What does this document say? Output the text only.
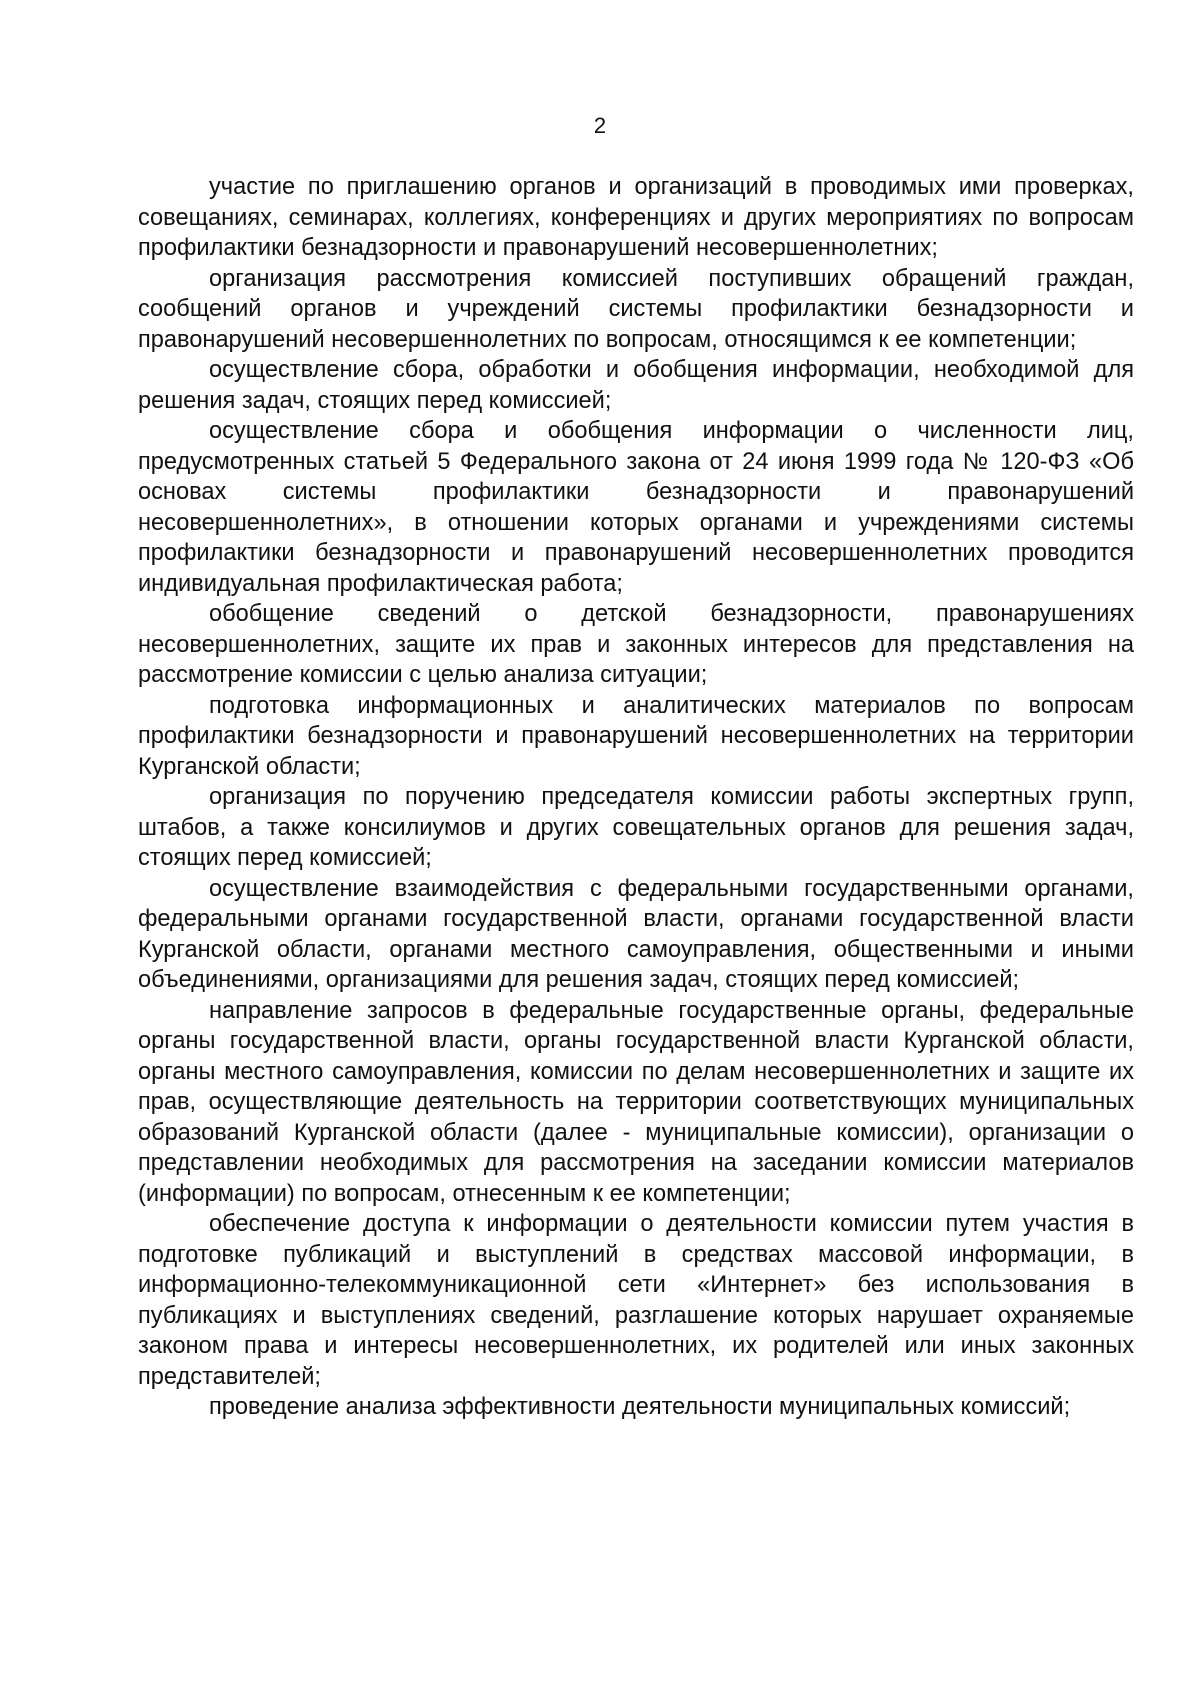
2

участие по приглашению органов и организаций в проводимых ими проверках, совещаниях, семинарах, коллегиях, конференциях и других мероприятиях по вопросам профилактики безнадзорности и правонарушений несовершеннолетних;

организация рассмотрения комиссией поступивших обращений граждан, сообщений органов и учреждений системы профилактики безнадзорности и правонарушений несовершеннолетних по вопросам, относящимся к ее компетенции;

осуществление сбора, обработки и обобщения информации, необходимой для решения задач, стоящих перед комиссией;

осуществление сбора и обобщения информации о численности лиц, предусмотренных статьей 5 Федерального закона от 24 июня 1999 года № 120-ФЗ «Об основах системы профилактики безнадзорности и правонарушений несовершеннолетних», в отношении которых органами и учреждениями системы профилактики безнадзорности и правонарушений несовершеннолетних проводится индивидуальная профилактическая работа;

обобщение сведений о детской безнадзорности, правонарушениях несовершеннолетних, защите их прав и законных интересов для представления на рассмотрение комиссии с целью анализа ситуации;

подготовка информационных и аналитических материалов по вопросам профилактики безнадзорности и правонарушений несовершеннолетних на территории Курганской области;

организация по поручению председателя комиссии работы экспертных групп, штабов, а также консилиумов и других совещательных органов для решения задач, стоящих перед комиссией;

осуществление взаимодействия с федеральными государственными органами, федеральными органами государственной власти, органами государственной власти Курганской области, органами местного самоуправления, общественными и иными объединениями, организациями для решения задач, стоящих перед комиссией;

направление запросов в федеральные государственные органы, федеральные органы государственной власти, органы государственной власти Курганской области, органы местного самоуправления, комиссии по делам несовершеннолетних и защите их прав, осуществляющие деятельность на территории соответствующих муниципальных образований Курганской области (далее - муниципальные комиссии), организации о представлении необходимых для рассмотрения на заседании комиссии материалов (информации) по вопросам, отнесенным к ее компетенции;

обеспечение доступа к информации о деятельности комиссии путем участия в подготовке публикаций и выступлений в средствах массовой информации, в информационно-телекоммуникационной сети «Интернет» без использования в публикациях и выступлениях сведений, разглашение которых нарушает охраняемые законом права и интересы несовершеннолетних, их родителей или иных законных представителей;

проведение анализа эффективности деятельности муниципальных комиссий;
